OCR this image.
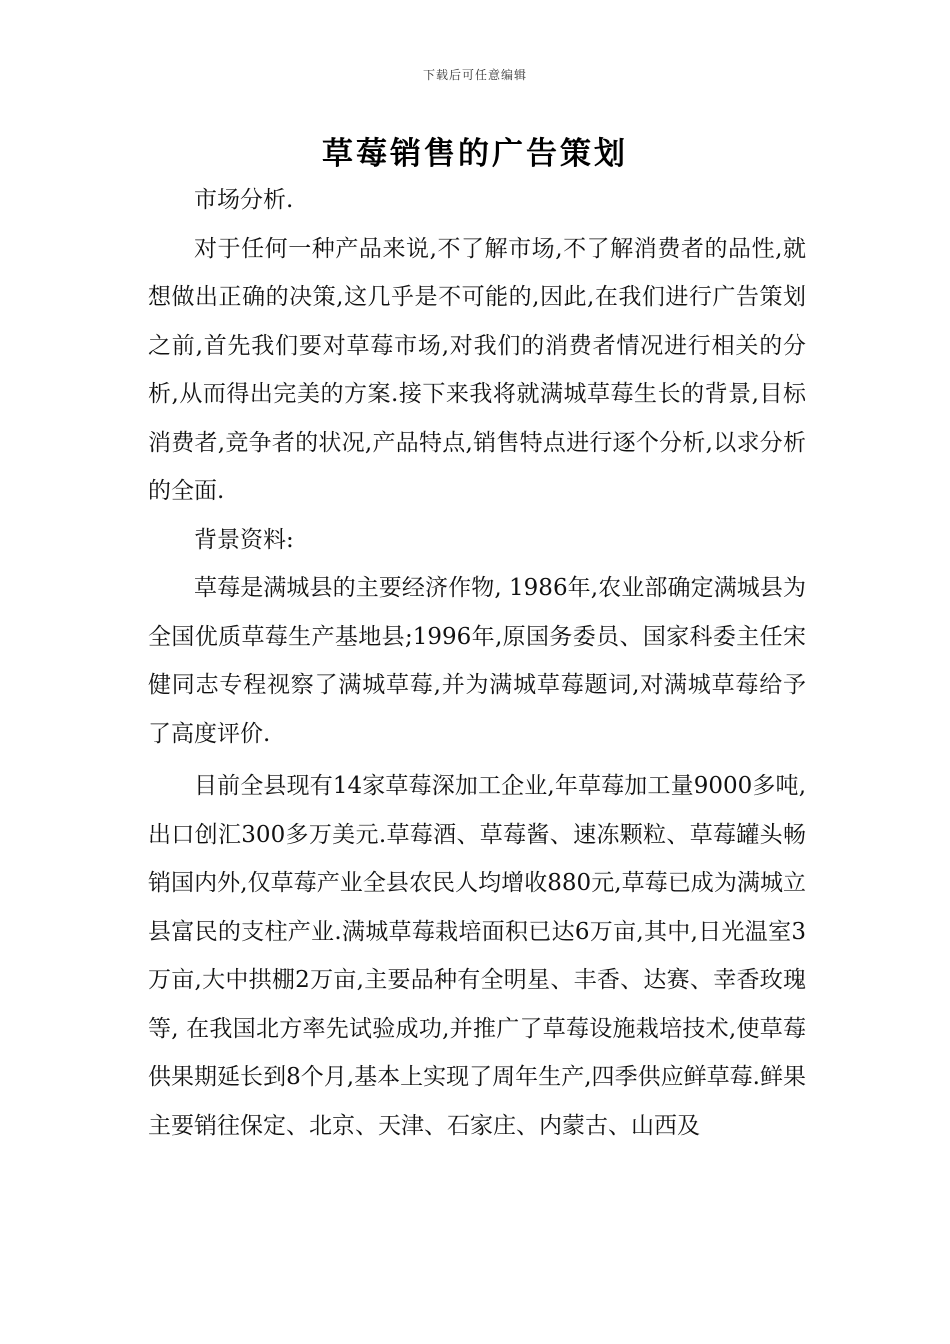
下载后可任意编辑
草莓销售的广告策划

市场分析.

对于任何一种产品来说,不了解市场,不了解消费者的品性,就想做出正确的决策,这几乎是不可能的,因此,在我们进行广告策划之前,首先我们要对草莓市场,对我们的消费者情况进行相关的分析,从而得出完美的方案.接下来我将就满城草莓生长的背景,目标消费者,竞争者的状况,产品特点,销售特点进行逐个分析,以求分析的全面.

背景资料:

草莓是满城县的主要经济作物, 1986年,农业部确定满城县为全国优质草莓生产基地县;1996年,原国务委员、国家科委主任宋健同志专程视察了满城草莓,并为满城草莓题词,对满城草莓给予了高度评价.

目前全县现有14家草莓深加工企业,年草莓加工量9000多吨,出口创汇300多万美元.草莓酒、草莓酱、速冻颗粒、草莓罐头畅销国内外,仅草莓产业全县农民人均增收880元,草莓已成为满城立县富民的支柱产业.满城草莓栽培面积已达6万亩,其中,日光温室3万亩,大中拱棚2万亩,主要品种有全明星、丰香、达赛、幸香玫瑰等, 在我国北方率先试验成功,并推广了草莓设施栽培技术,使草莓供果期延长到8个月,基本上实现了周年生产,四季供应鲜草莓.鲜果主要销往保定、北京、天津、石家庄、内蒙古、山西及
